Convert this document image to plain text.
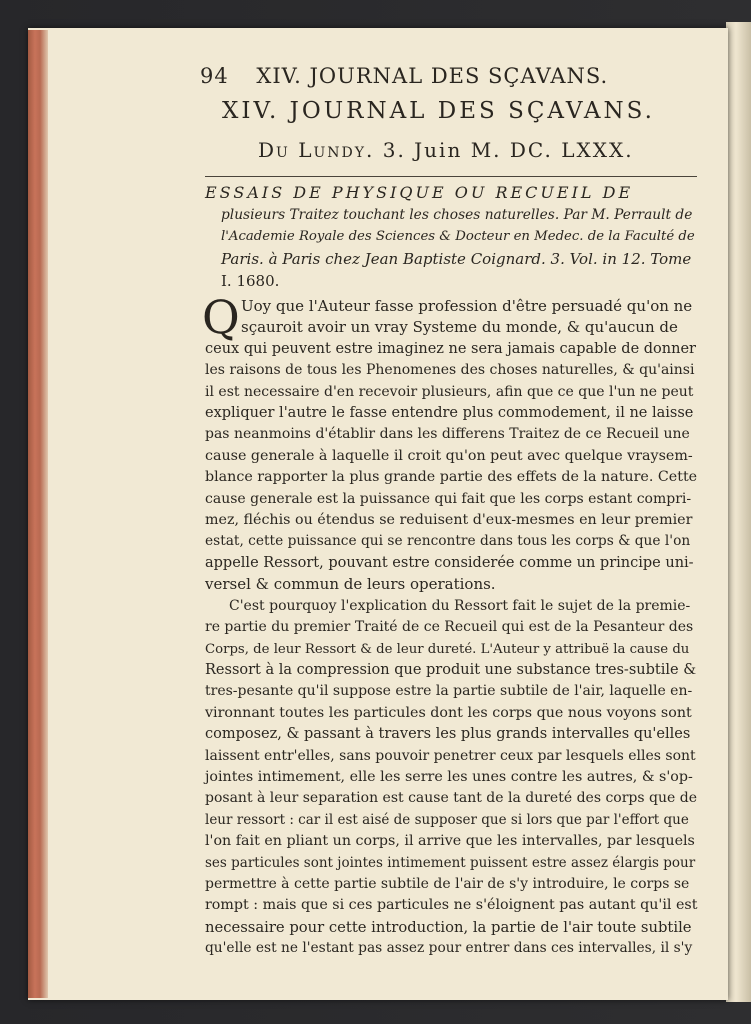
94 XIV. JOURNAL DES SÇAVANS.
XIV. JOURNAL DES SÇAVANS.
Du Lundy. 3. Juin M. DC. LXXX.
ESSAIS DE PHYSIQUE OU RECUEIL DE
plusieurs Traitez touchant les choses naturelles. Par M. Perrault de
l'Academie Royale des Sciences & Docteur en Medec. de la Faculté de
Paris. à Paris chez Jean Baptiste Coignard. 3. Vol. in 12. Tome
I. 1680.
Q Uoy que l'Auteur fasse profession d'être persuadé qu'on ne
sçauroit avoir un vray Systeme du monde, & qu'aucun de
ceux qui peuvent estre imaginez ne sera jamais capable de donner
les raisons de tous les Phenomenes des choses naturelles, & qu'ainsi
il est necessaire d'en recevoir plusieurs, afin que ce que l'un ne peut
expliquer l'autre le fasse entendre plus commodement, il ne laisse
pas neanmoins d'établir dans les differens Traitez de ce Recueil une
cause generale à laquelle il croit qu'on peut avec quelque vraysem-
blance rapporter la plus grande partie des effets de la nature. Cette
cause generale est la puissance qui fait que les corps estant compri-
mez, fléchis ou étendus se reduisent d'eux-mesmes en leur premier
estat, cette puissance qui se rencontre dans tous les corps & que l'on
appelle Ressort, pouvant estre considerée comme un principe uni-
versel & commun de leurs operations.
C'est pourquoy l'explication du Ressort fait le sujet de la premie-
re partie du premier Traité de ce Recueil qui est de la Pesanteur des
Corps, de leur Ressort & de leur dureté. L'Auteur y attribuë la cause du
Ressort à la compression que produit une substance tres-subtile &
tres-pesante qu'il suppose estre la partie subtile de l'air, laquelle en-
vironnant toutes les particules dont les corps que nous voyons sont
composez, & passant à travers les plus grands intervalles qu'elles
laissent entr'elles, sans pouvoir penetrer ceux par lesquels elles sont
jointes intimement, elle les serre les unes contre les autres, & s'op-
posant à leur separation est cause tant de la dureté des corps que de
leur ressort : car il est aisé de supposer que si lors que par l'effort que
l'on fait en pliant un corps, il arrive que les intervalles, par lesquels
ses particules sont jointes intimement puissent estre assez élargis pour
permettre à cette partie subtile de l'air de s'y introduire, le corps se
rompt : mais que si ces particules ne s'éloignent pas autant qu'il est
necessaire pour cette introduction, la partie de l'air toute subtile
qu'elle est ne l'estant pas assez pour entrer dans ces intervalles, il s'y
